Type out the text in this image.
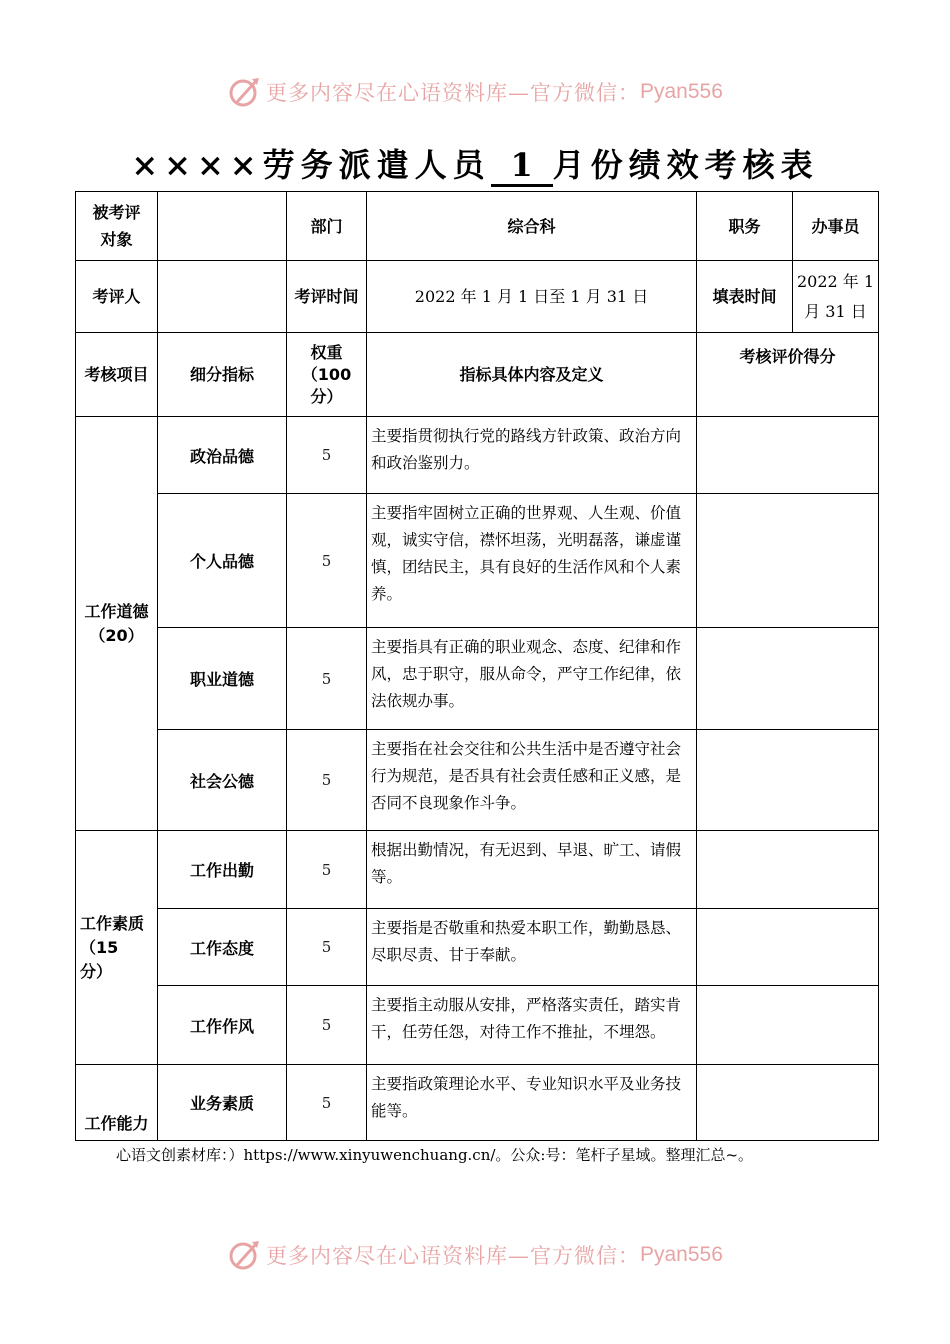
更多内容尽在心语资料库—官方微信： Pyan556
××××劳务派遣人员 1 月份绩效考核表
被考评
对象		部门	综合科	职务	办事员
考评人		考评时间	2022 年 1 月 1 日至 1 月 31 日	填表时间	2022 年 1
月 31 日
考核项目	细分指标	权重
（100
分）	指标具体内容及定义	考核评价得分	
工作道德
（20）	政治品德	5	主要指贯彻执行党的路线方针政策、政治方向和政治鉴别力。		
	个人品德	5	主要指牢固树立正确的世界观、人生观、价值观，诚实守信，襟怀坦荡，光明磊落，谦虚谨慎，团结民主，具有良好的生活作风和个人素养。		
	职业道德	5	主要指具有正确的职业观念、态度、纪律和作风，忠于职守，服从命令，严守工作纪律，依法依规办事。		
	社会公德	5	主要指在社会交往和公共生活中是否遵守社会行为规范，是否具有社会责任感和正义感，是否同不良现象作斗争。		
工作素质
（15
分）	工作出勤	5	根据出勤情况，有无迟到、早退、旷工、请假等。		
	工作态度	5	主要指是否敬重和热爱本职工作，勤勤恳恳、尽职尽责、甘于奉献。		
	工作作风	5	主要指主动服从安排，严格落实责任，踏实肯干，任劳任怨，对待工作不推扯，不埋怨。		
工作能力	业务素质	5	主要指政策理论水平、专业知识水平及业务技能等。		
心语文创素材库：）https://www.xinyuwenchuang.cn/。公众:号：笔杆子星域。整理汇总~。
更多内容尽在心语资料库—官方微信： Pyan556
